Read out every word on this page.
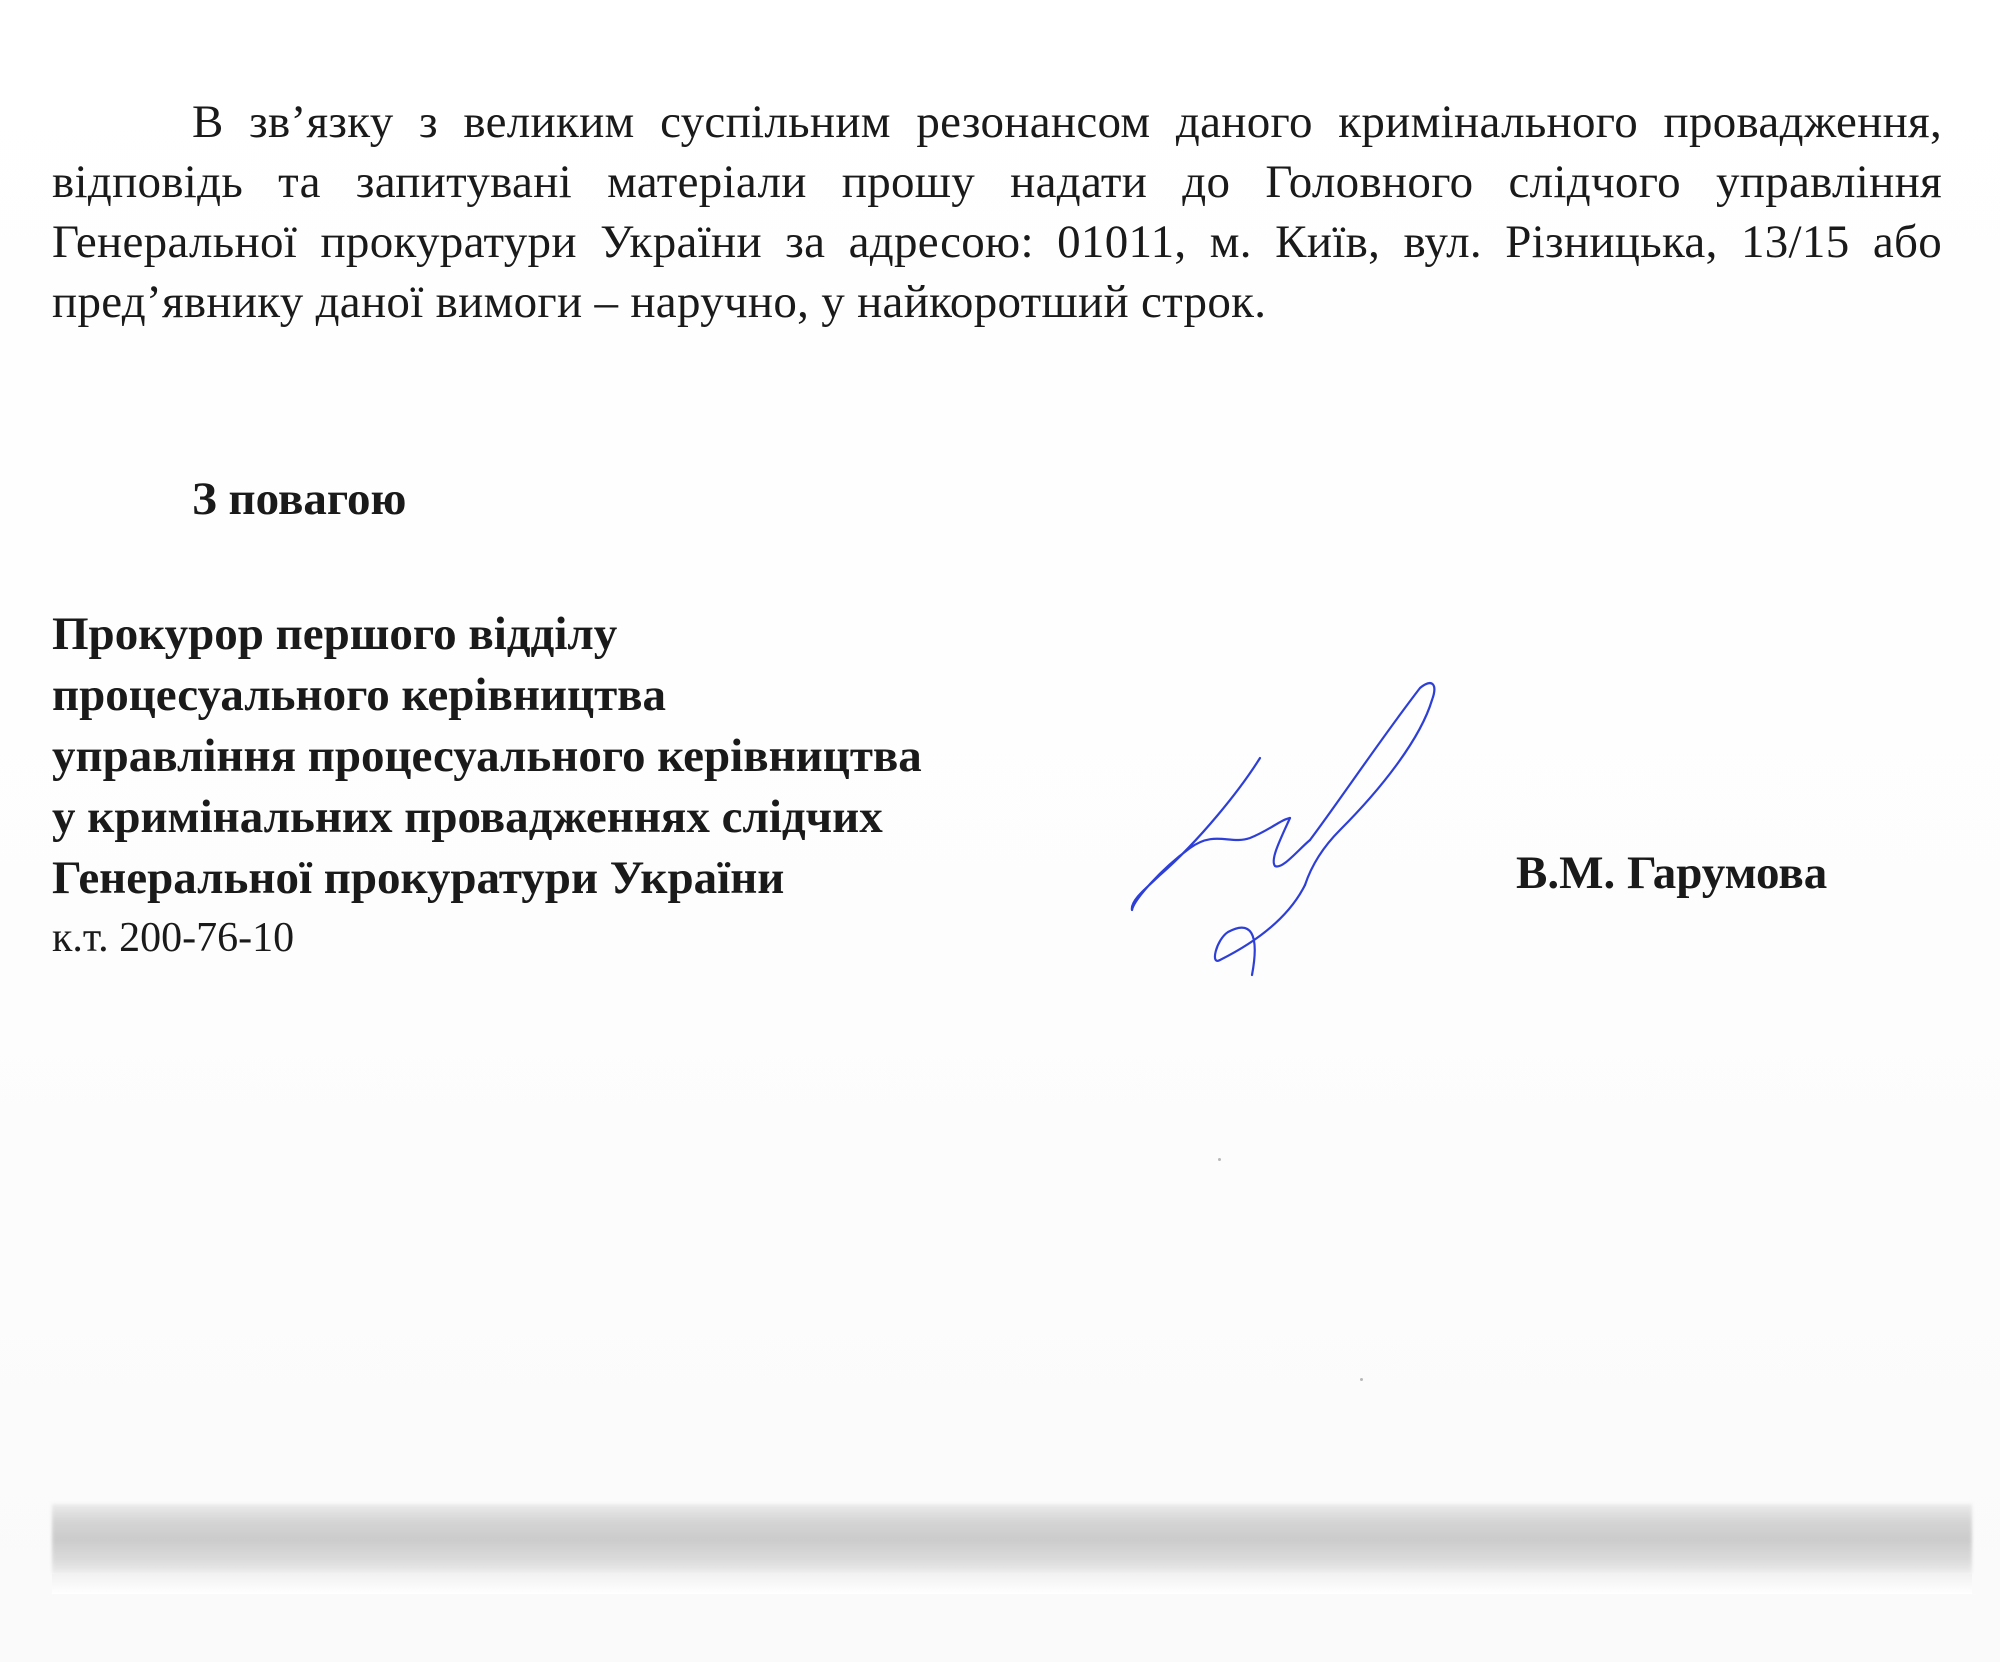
В зв’язку з великим суспільним резонансом даного кримінального провадження, відповідь та запитувані матеріали прошу надати до Головного слідчого управління Генеральної прокуратури України за адресою: 01011, м. Київ, вул. Різницька, 13/15 або пред’явнику даної вимоги – наручно, у найкоротший строк.

З повагою

Прокурор першого відділу
процесуального керівництва
управління процесуального керівництва
у кримінальних провадженнях слідчих
Генеральної прокуратури України

к.т. 200-76-10

В.М. Гарумова
